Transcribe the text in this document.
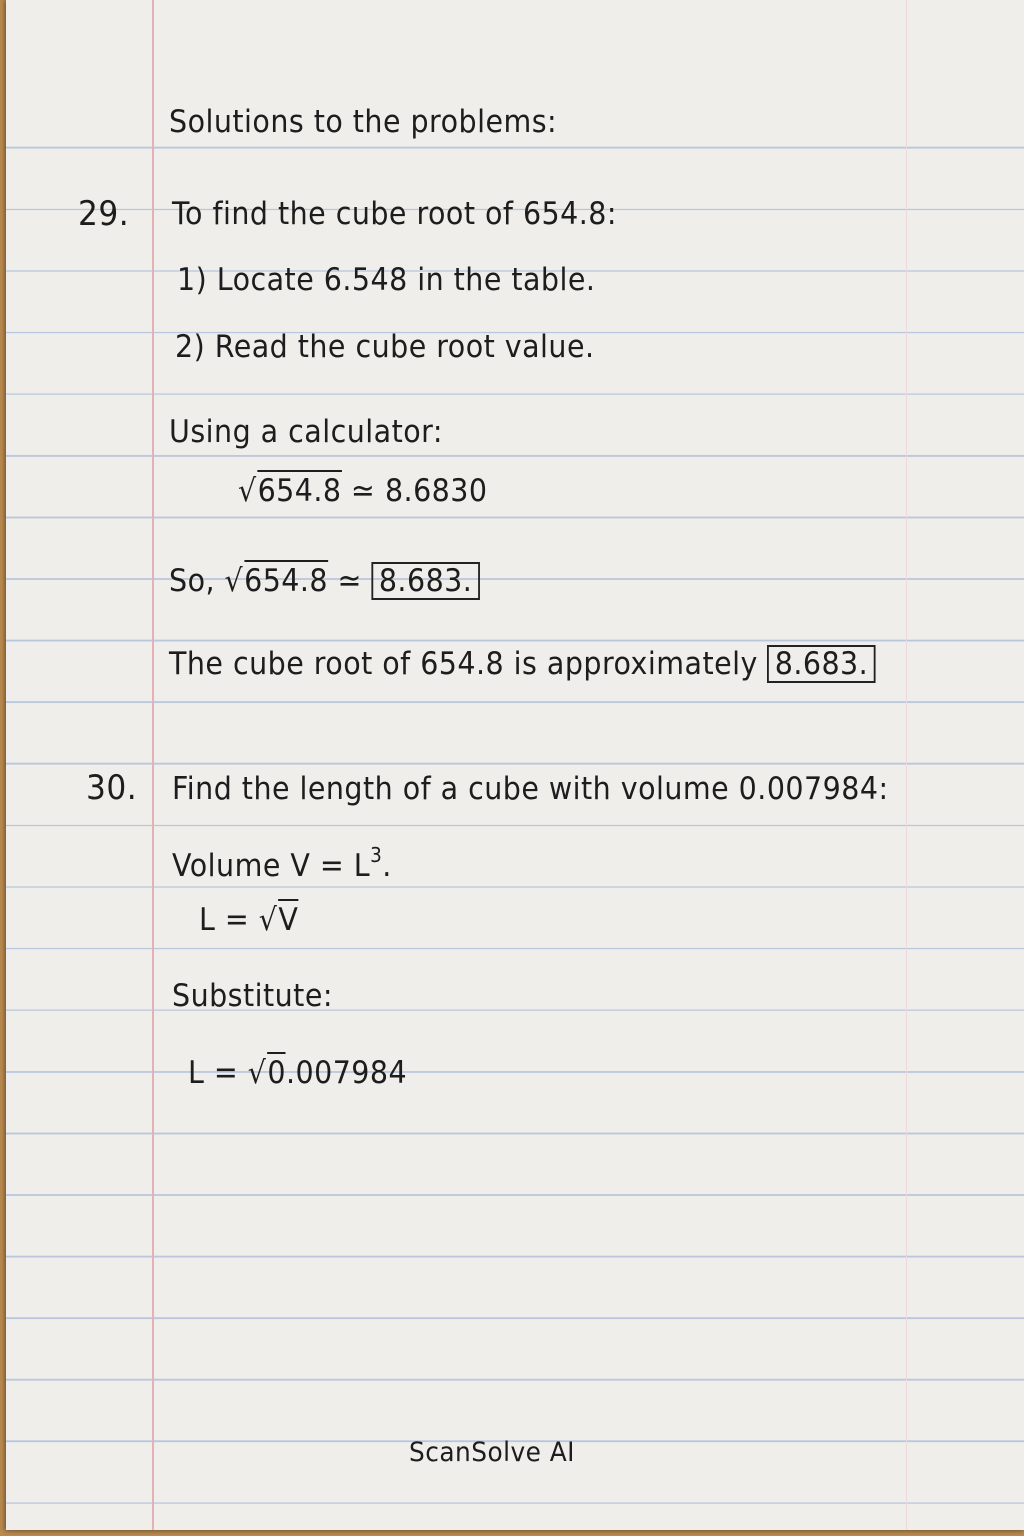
Solutions to the problems:
29. To find the cube root of 654.8:
1) Locate 6.548 in the table.
2) Read the cube root value.
Using a calculator:
√654.8 ≃ 8.6830
So, √654.8 ≃ 8.683.
The cube root of 654.8 is approximately 8.683.
30. Find the length of a cube with volume 0.007984:
Volume $V = L^3$.
L = √V
Substitute:
L = √0.007984
ScanSolve AI
